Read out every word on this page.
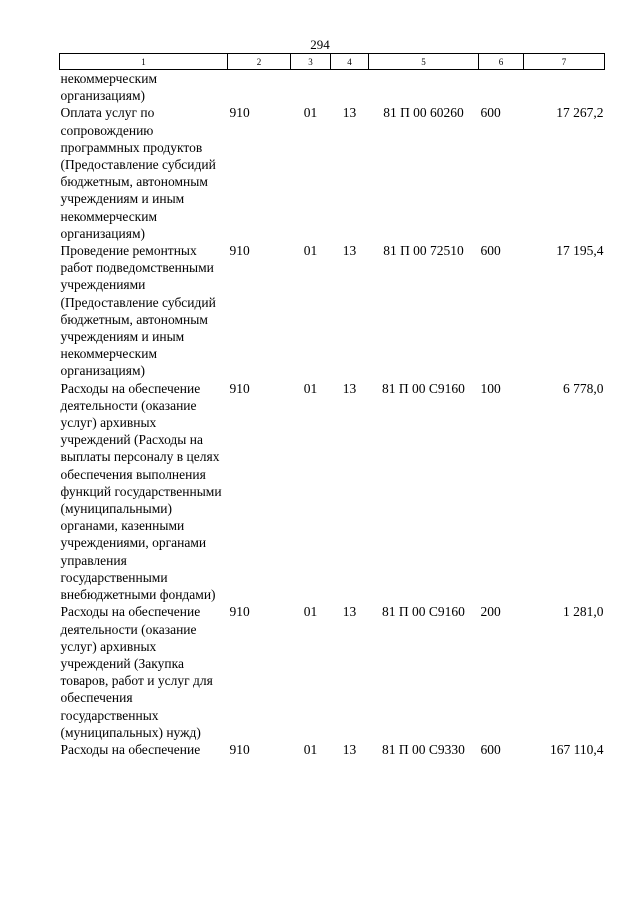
294
1	2	3	4	5	6	7
некоммерческим организациям)						
Оплата услуг по сопровождению программных продуктов (Предоставление субсидий бюджетным, автономным учреждениям и иным некоммерческим организациям)	910	01	13	81 П 00 60260	600	17 267,2
Проведение ремонтных работ подведомственными учреждениями (Предоставление субсидий бюджетным, автономным учреждениям и иным некоммерческим организациям)	910	01	13	81 П 00 72510	600	17 195,4
Расходы на обеспечение деятельности (оказание услуг) архивных учреждений (Расходы на выплаты персоналу в целях обеспечения выполнения функций государственными (муниципальными) органами, казенными учреждениями, органами управления государственными внебюджетными фондами)	910	01	13	81 П 00 С9160	100	6 778,0
Расходы на обеспечение деятельности (оказание услуг) архивных учреждений (Закупка товаров, работ и услуг для обеспечения государственных (муниципальных) нужд)	910	01	13	81 П 00 С9160	200	1 281,0
Расходы на обеспечение	910	01	13	81 П 00 С9330	600	167 110,4
